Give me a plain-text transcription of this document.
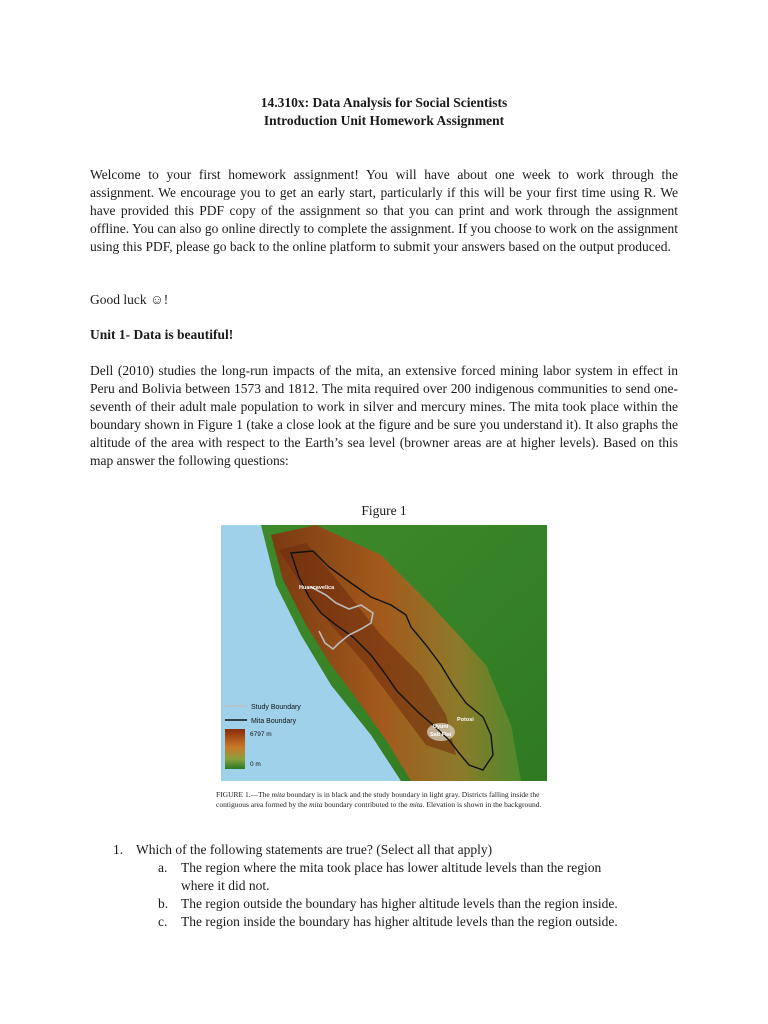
14.310x: Data Analysis for Social Scientists
Introduction Unit Homework Assignment
Welcome to your first homework assignment! You will have about one week to work through the assignment. We encourage you to get an early start, particularly if this will be your first time using R. We have provided this PDF copy of the assignment so that you can print and work through the assignment offline. You can also go online directly to complete the assignment. If you choose to work on the assignment using this PDF, please go back to the online platform to submit your answers based on the output produced.
Good luck ☺!
Unit 1- Data is beautiful!
Dell (2010) studies the long-run impacts of the mita, an extensive forced mining labor system in effect in Peru and Bolivia between 1573 and 1812. The mita required over 200 indigenous communities to send one-seventh of their adult male population to work in silver and mercury mines. The mita took place within the boundary shown in Figure 1 (take a close look at the figure and be sure you understand it). It also graphs the altitude of the area with respect to the Earth’s sea level (browner areas are at higher levels). Based on this map answer the following questions:
Figure 1
Huancavelica
Potosi
Uyuni
Salt Flat
Study Boundary
Mita Boundary
6797 m
0 m
FIGURE 1.—The mita boundary is in black and the study boundary in light gray. Districts falling inside the contiguous area formed by the mita boundary contributed to the mita. Elevation is shown in the background.
1. Which of the following statements are true? (Select all that apply)
a. The region where the mita took place has lower altitude levels than the region
where it did not.
b. The region outside the boundary has higher altitude levels than the region inside.
c. The region inside the boundary has higher altitude levels than the region outside.
